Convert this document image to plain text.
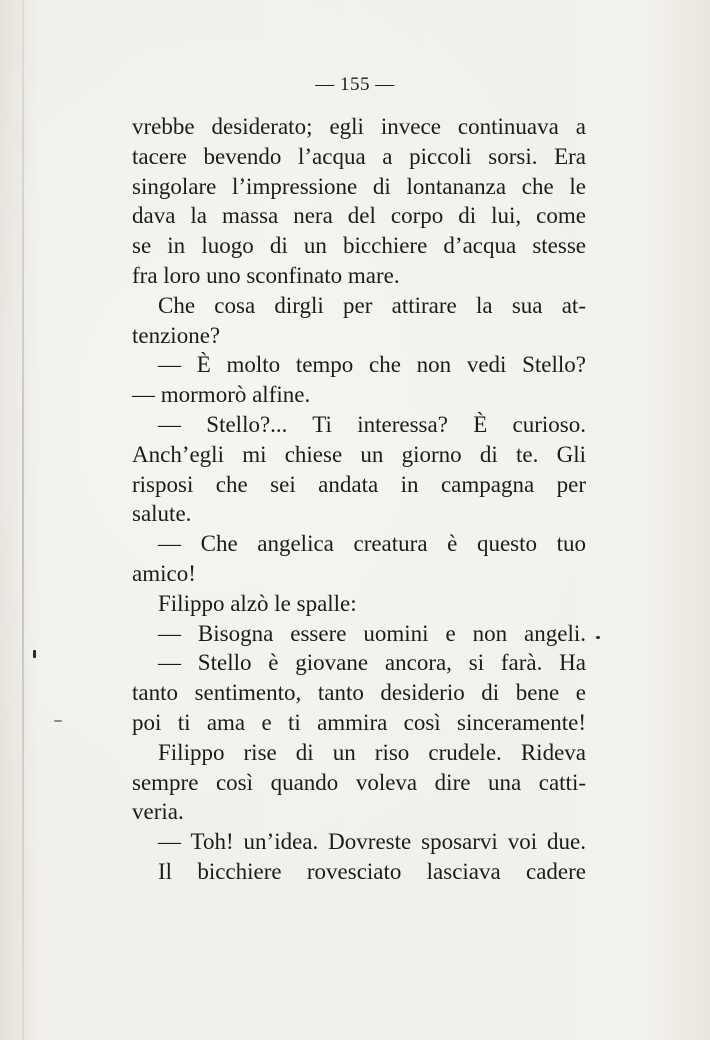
— 155 —
vrebbe desiderato; egli invece continuava a
tacere bevendo l’acqua a piccoli sorsi. Era
singolare l’impressione di lontananza che le
dava la massa nera del corpo di lui, come
se in luogo di un bicchiere d’acqua stesse
fra loro uno sconfinato mare.
Che cosa dirgli per attirare la sua at-
tenzione?
— È molto tempo che non vedi Stello?
— mormorò alfine.
— Stello?... Ti interessa? È curioso.
Anch’egli mi chiese un giorno di te. Gli
risposi che sei andata in campagna per
salute.
— Che angelica creatura è questo tuo
amico!
Filippo alzò le spalle:
— Bisogna essere uomini e non angeli.
— Stello è giovane ancora, si farà. Ha
tanto sentimento, tanto desiderio di bene e
poi ti ama e ti ammira così sinceramente!
Filippo rise di un riso crudele. Rideva
sempre così quando voleva dire una catti-
veria.
— Toh! un’idea. Dovreste sposarvi voi due.
Il bicchiere rovesciato lasciava cadere
